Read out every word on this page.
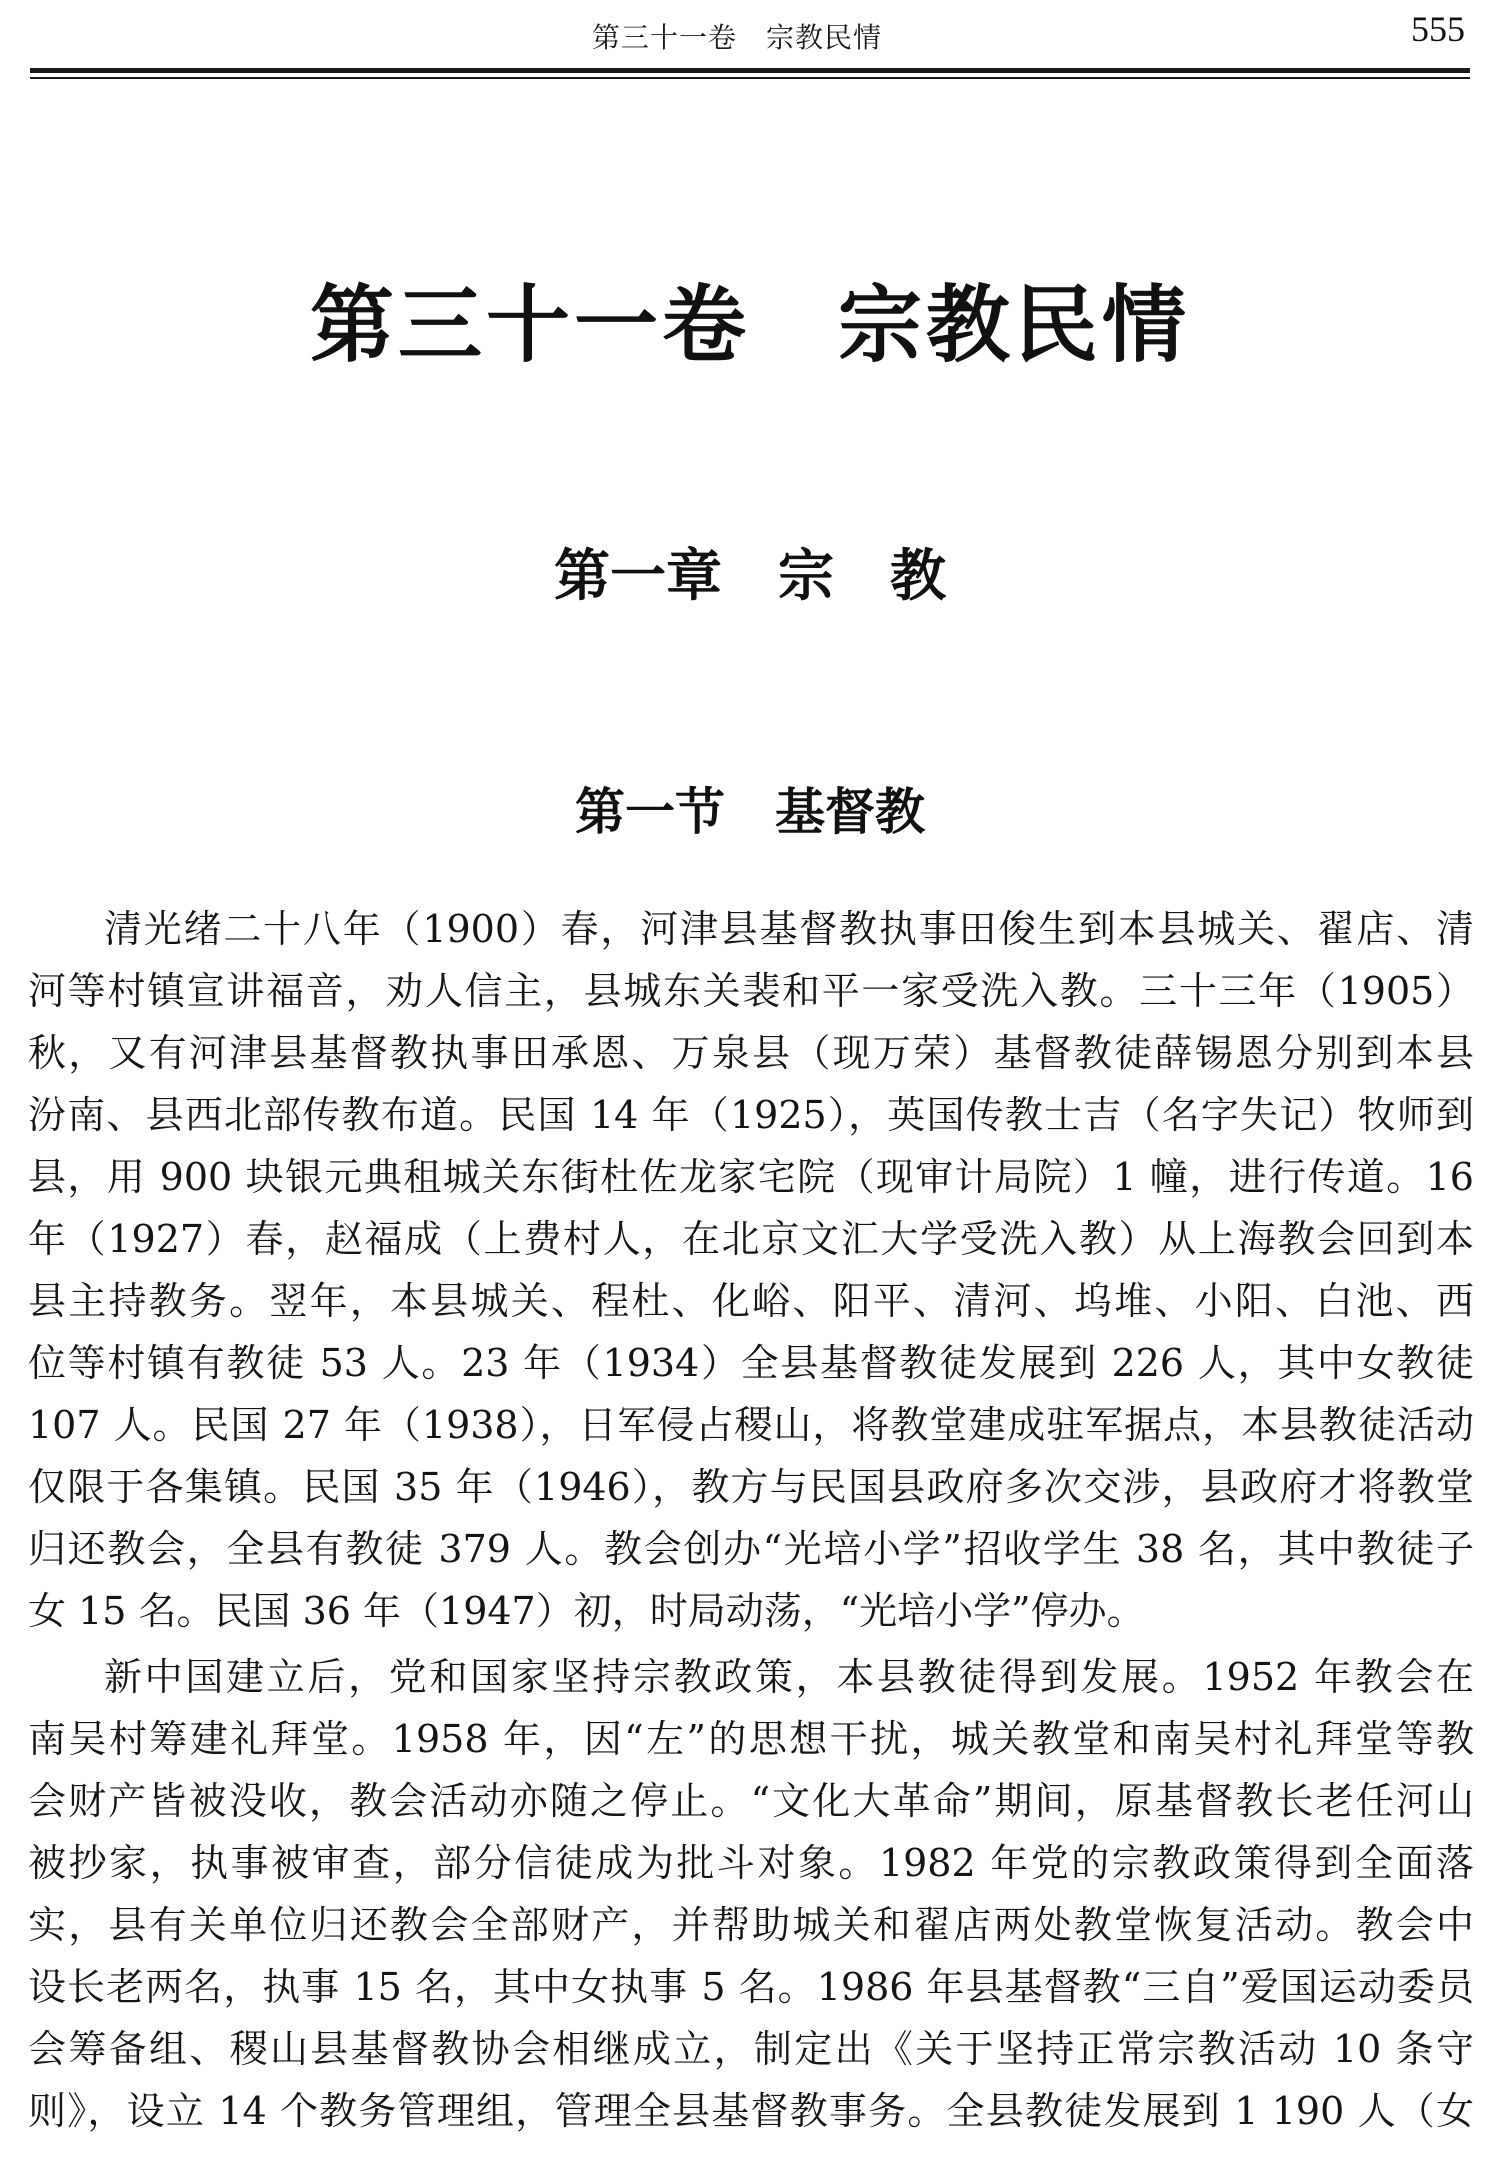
第三十一卷　宗教民情	555
第三十一卷　宗教民情
第一章　宗　教
第一节　基督教
清光绪二十八年（1900）春，河津县基督教执事田俊生到本县城关、翟店、清
河等村镇宣讲福音，劝人信主，县城东关裴和平一家受洗入教。三十三年（1905）
秋，又有河津县基督教执事田承恩、万泉县（现万荣）基督教徒薛锡恩分别到本县
汾南、县西北部传教布道。民国 14 年（1925），英国传教士吉（名字失记）牧师到
县，用 900 块银元典租城关东街杜佐龙家宅院（现审计局院）1 幢，进行传道。16
年（1927）春，赵福成（上费村人，在北京文汇大学受洗入教）从上海教会回到本
县主持教务。翌年，本县城关、程杜、化峪、阳平、清河、坞堆、小阳、白池、西
位等村镇有教徒 53 人。23 年（1934）全县基督教徒发展到 226 人，其中女教徒
107 人。民国 27 年（1938），日军侵占稷山，将教堂建成驻军据点，本县教徒活动
仅限于各集镇。民国 35 年（1946），教方与民国县政府多次交涉，县政府才将教堂
归还教会，全县有教徒 379 人。教会创办“光培小学”招收学生 38 名，其中教徒子
女 15 名。民国 36 年（1947）初，时局动荡，“光培小学”停办。
新中国建立后，党和国家坚持宗教政策，本县教徒得到发展。1952 年教会在
南吴村筹建礼拜堂。1958 年，因“左”的思想干扰，城关教堂和南吴村礼拜堂等教
会财产皆被没收，教会活动亦随之停止。“文化大革命”期间，原基督教长老任河山
被抄家，执事被审查，部分信徒成为批斗对象。1982 年党的宗教政策得到全面落
实，县有关单位归还教会全部财产，并帮助城关和翟店两处教堂恢复活动。教会中
设长老两名，执事 15 名，其中女执事 5 名。1986 年县基督教“三自”爱国运动委员
会筹备组、稷山县基督教协会相继成立，制定出《关于坚持正常宗教活动 10 条守
则》，设立 14 个教务管理组，管理全县基督教事务。全县教徒发展到 1 190 人（女
